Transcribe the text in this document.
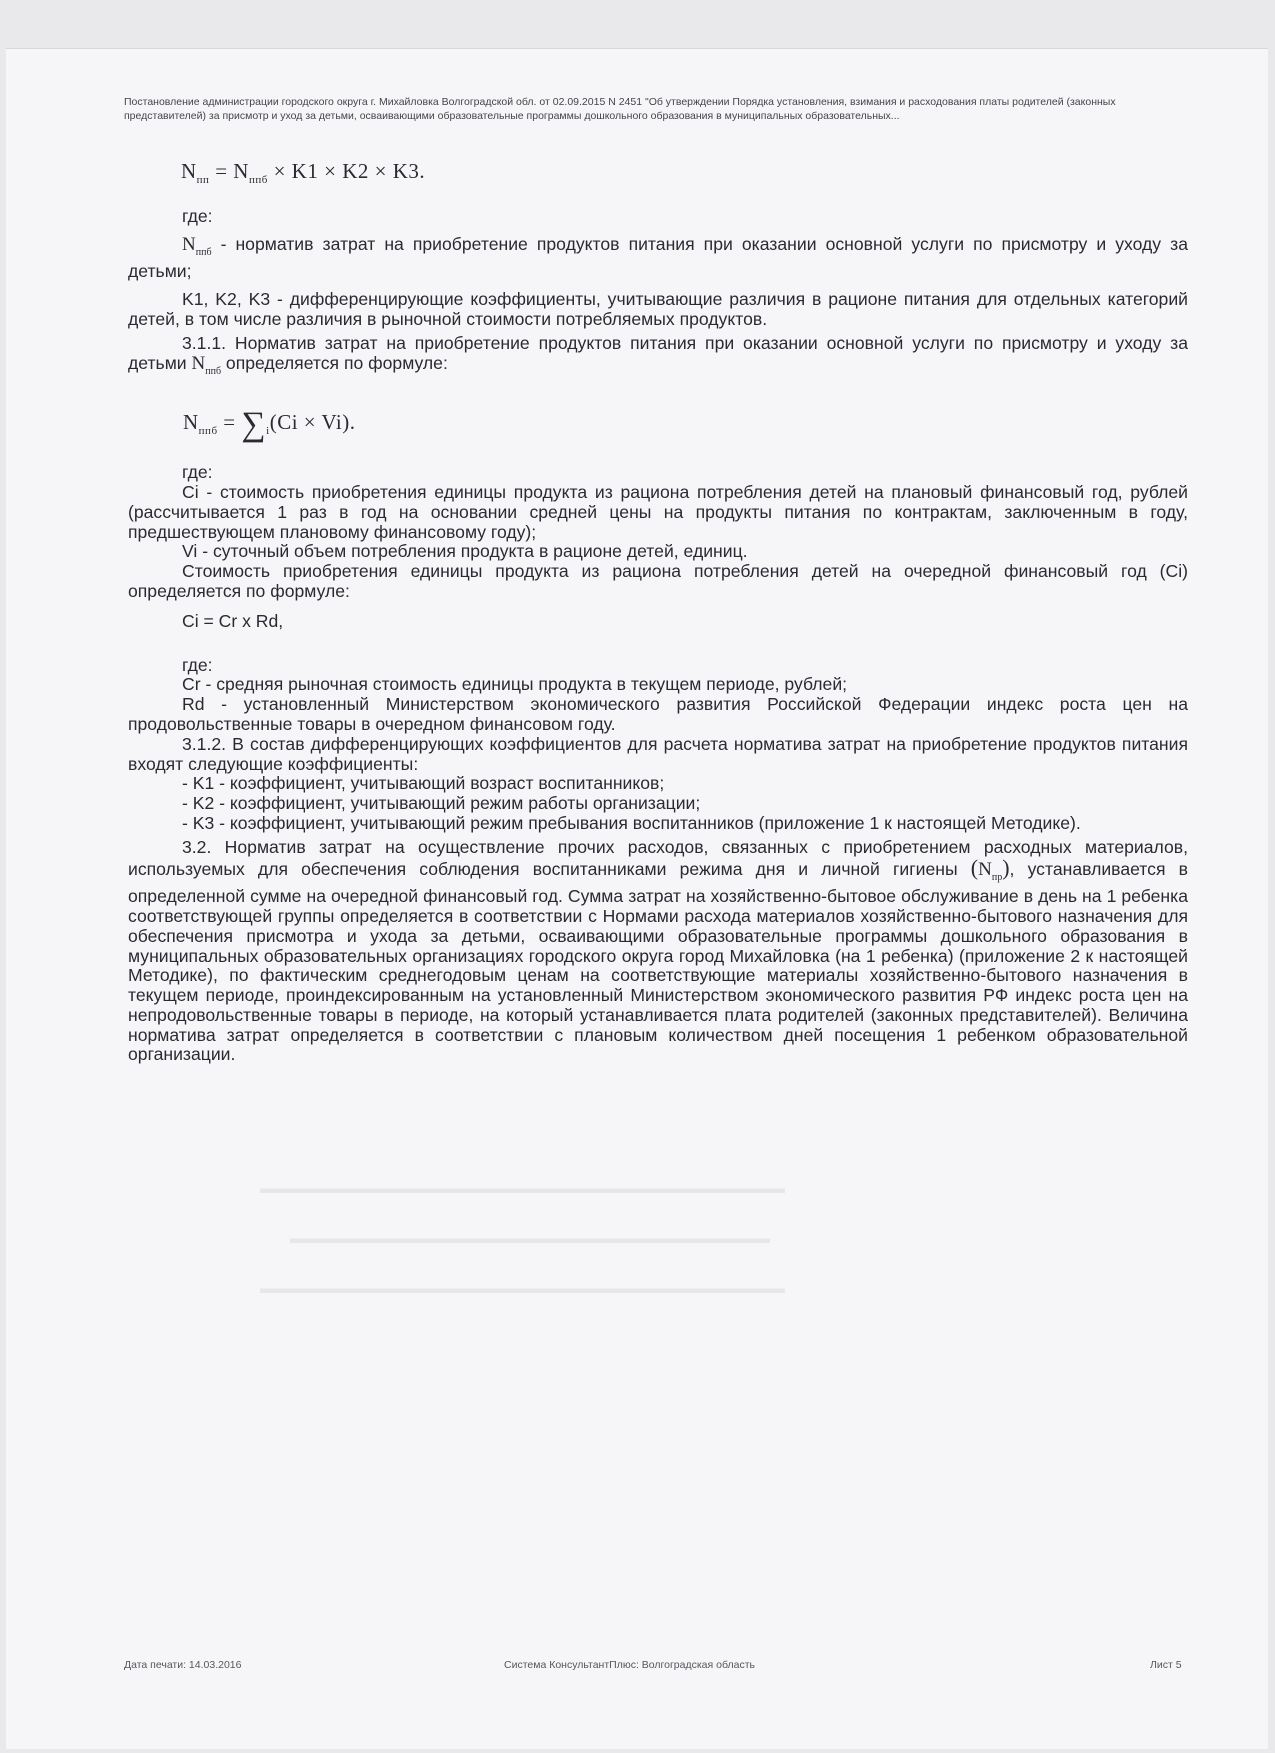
▬▬▬▬▬▬▬▬▬▬▬▬▬▬▬▬▬▬▬▬▬▬▬▬▬▬▬▬▬▬▬▬▬▬▬
▬▬▬▬▬▬▬▬▬▬▬▬▬▬▬▬▬▬▬▬▬▬▬▬▬▬▬▬▬▬▬▬
▬▬▬▬▬▬▬▬▬▬▬▬▬▬▬▬▬▬▬▬▬▬▬▬▬▬▬▬▬▬▬▬▬▬▬
Постановление администрации городского округа г. Михайловка Волгоградской обл. от 02.09.2015 N 2451 "Об утверждении Порядка установления, взимания и расходования платы родителей (законных представителей) за присмотр и уход за детьми, осваивающими образовательные программы дошкольного образования в муниципальных образовательных...
$N_{пп} = N_{ппб} \times K1 \times K2 \times K3$.

где:

$N_{ппб}$ - норматив затрат на приобретение продуктов питания при оказании основной услуги по присмотру и уходу за детьми;

K1, K2, K3 - дифференцирующие коэффициенты, учитывающие различия в рационе питания для отдельных категорий детей, в том числе различия в рыночной стоимости потребляемых продуктов.

3.1.1. Норматив затрат на приобретение продуктов питания при оказании основной услуги по присмотру и уходу за детьми $N_{ппб}$ определяется по формуле:

$N_{ппб} = \sum_i(Ci \times Vi)$.

где:

Ci - стоимость приобретения единицы продукта из рациона потребления детей на плановый финансовый год, рублей (рассчитывается 1 раз в год на основании средней цены на продукты питания по контрактам, заключенным в году, предшествующем плановому финансовому году);

Vi - суточный объем потребления продукта в рационе детей, единиц.

Стоимость приобретения единицы продукта из рациона потребления детей на очередной финансовый год (Ci) определяется по формуле:

Ci = Cr x Rd,

где:

Cr - средняя рыночная стоимость единицы продукта в текущем периоде, рублей;

Rd - установленный Министерством экономического развития Российской Федерации индекс роста цен на продовольственные товары в очередном финансовом году.

3.1.2. В состав дифференцирующих коэффициентов для расчета норматива затрат на приобретение продуктов питания входят следующие коэффициенты:

- K1 - коэффициент, учитывающий возраст воспитанников;

- K2 - коэффициент, учитывающий режим работы организации;

- K3 - коэффициент, учитывающий режим пребывания воспитанников (приложение 1 к настоящей Методике).

3.2. Норматив затрат на осуществление прочих расходов, связанных с приобретением расходных материалов, используемых для обеспечения соблюдения воспитанниками режима дня и личной гигиены $(N_{пр})$, устанавливается в определенной сумме на очередной финансовый год. Сумма затрат на хозяйственно-бытовое обслуживание в день на 1 ребенка соответствующей группы определяется в соответствии с Нормами расхода материалов хозяйственно-бытового назначения для обеспечения присмотра и ухода за детьми, осваивающими образовательные программы дошкольного образования в муниципальных образовательных организациях городского округа город Михайловка (на 1 ребенка) (приложение 2 к настоящей Методике), по фактическим среднегодовым ценам на соответствующие материалы хозяйственно-бытового назначения в текущем периоде, проиндексированным на установленный Министерством экономического развития РФ индекс роста цен на непродовольственные товары в периоде, на который устанавливается плата родителей (законных представителей). Величина норматива затрат определяется в соответствии с плановым количеством дней посещения 1 ребенком образовательной организации.

Дата печати: 14.03.2016	Система КонсультантПлюс: Волгоградская область	Лист 5
